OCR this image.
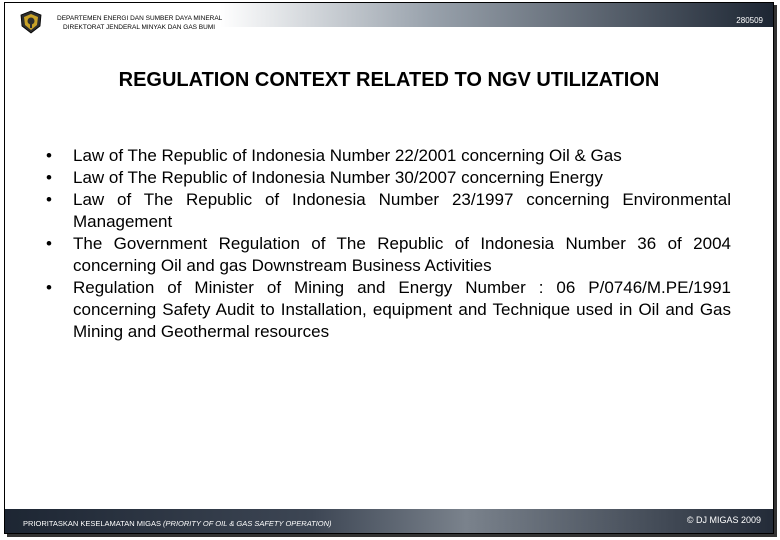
DEPARTEMEN ENERGI DAN SUMBER DAYA MINERAL
DIREKTORAT JENDERAL MINYAK DAN GAS BUMI
280509
REGULATION CONTEXT RELATED TO NGV UTILIZATION
• Law of The Republic of Indonesia Number 22/2001 concerning Oil & Gas
• Law of The Republic of Indonesia Number 30/2007 concerning Energy
• Law of The Republic of Indonesia Number 23/1997 concerning Environmental Management
• The Government Regulation of The Republic of Indonesia Number 36 of 2004 concerning Oil and gas Downstream Business Activities
• Regulation of Minister of Mining and Energy Number : 06 P/0746/M.PE/1991 concerning Safety Audit to Installation, equipment and Technique used in Oil and Gas Mining and Geothermal resources
PRIORITASKAN KESELAMATAN MIGAS (PRIORITY OF OIL & GAS SAFETY OPERATION)	© DJ MIGAS 2009
